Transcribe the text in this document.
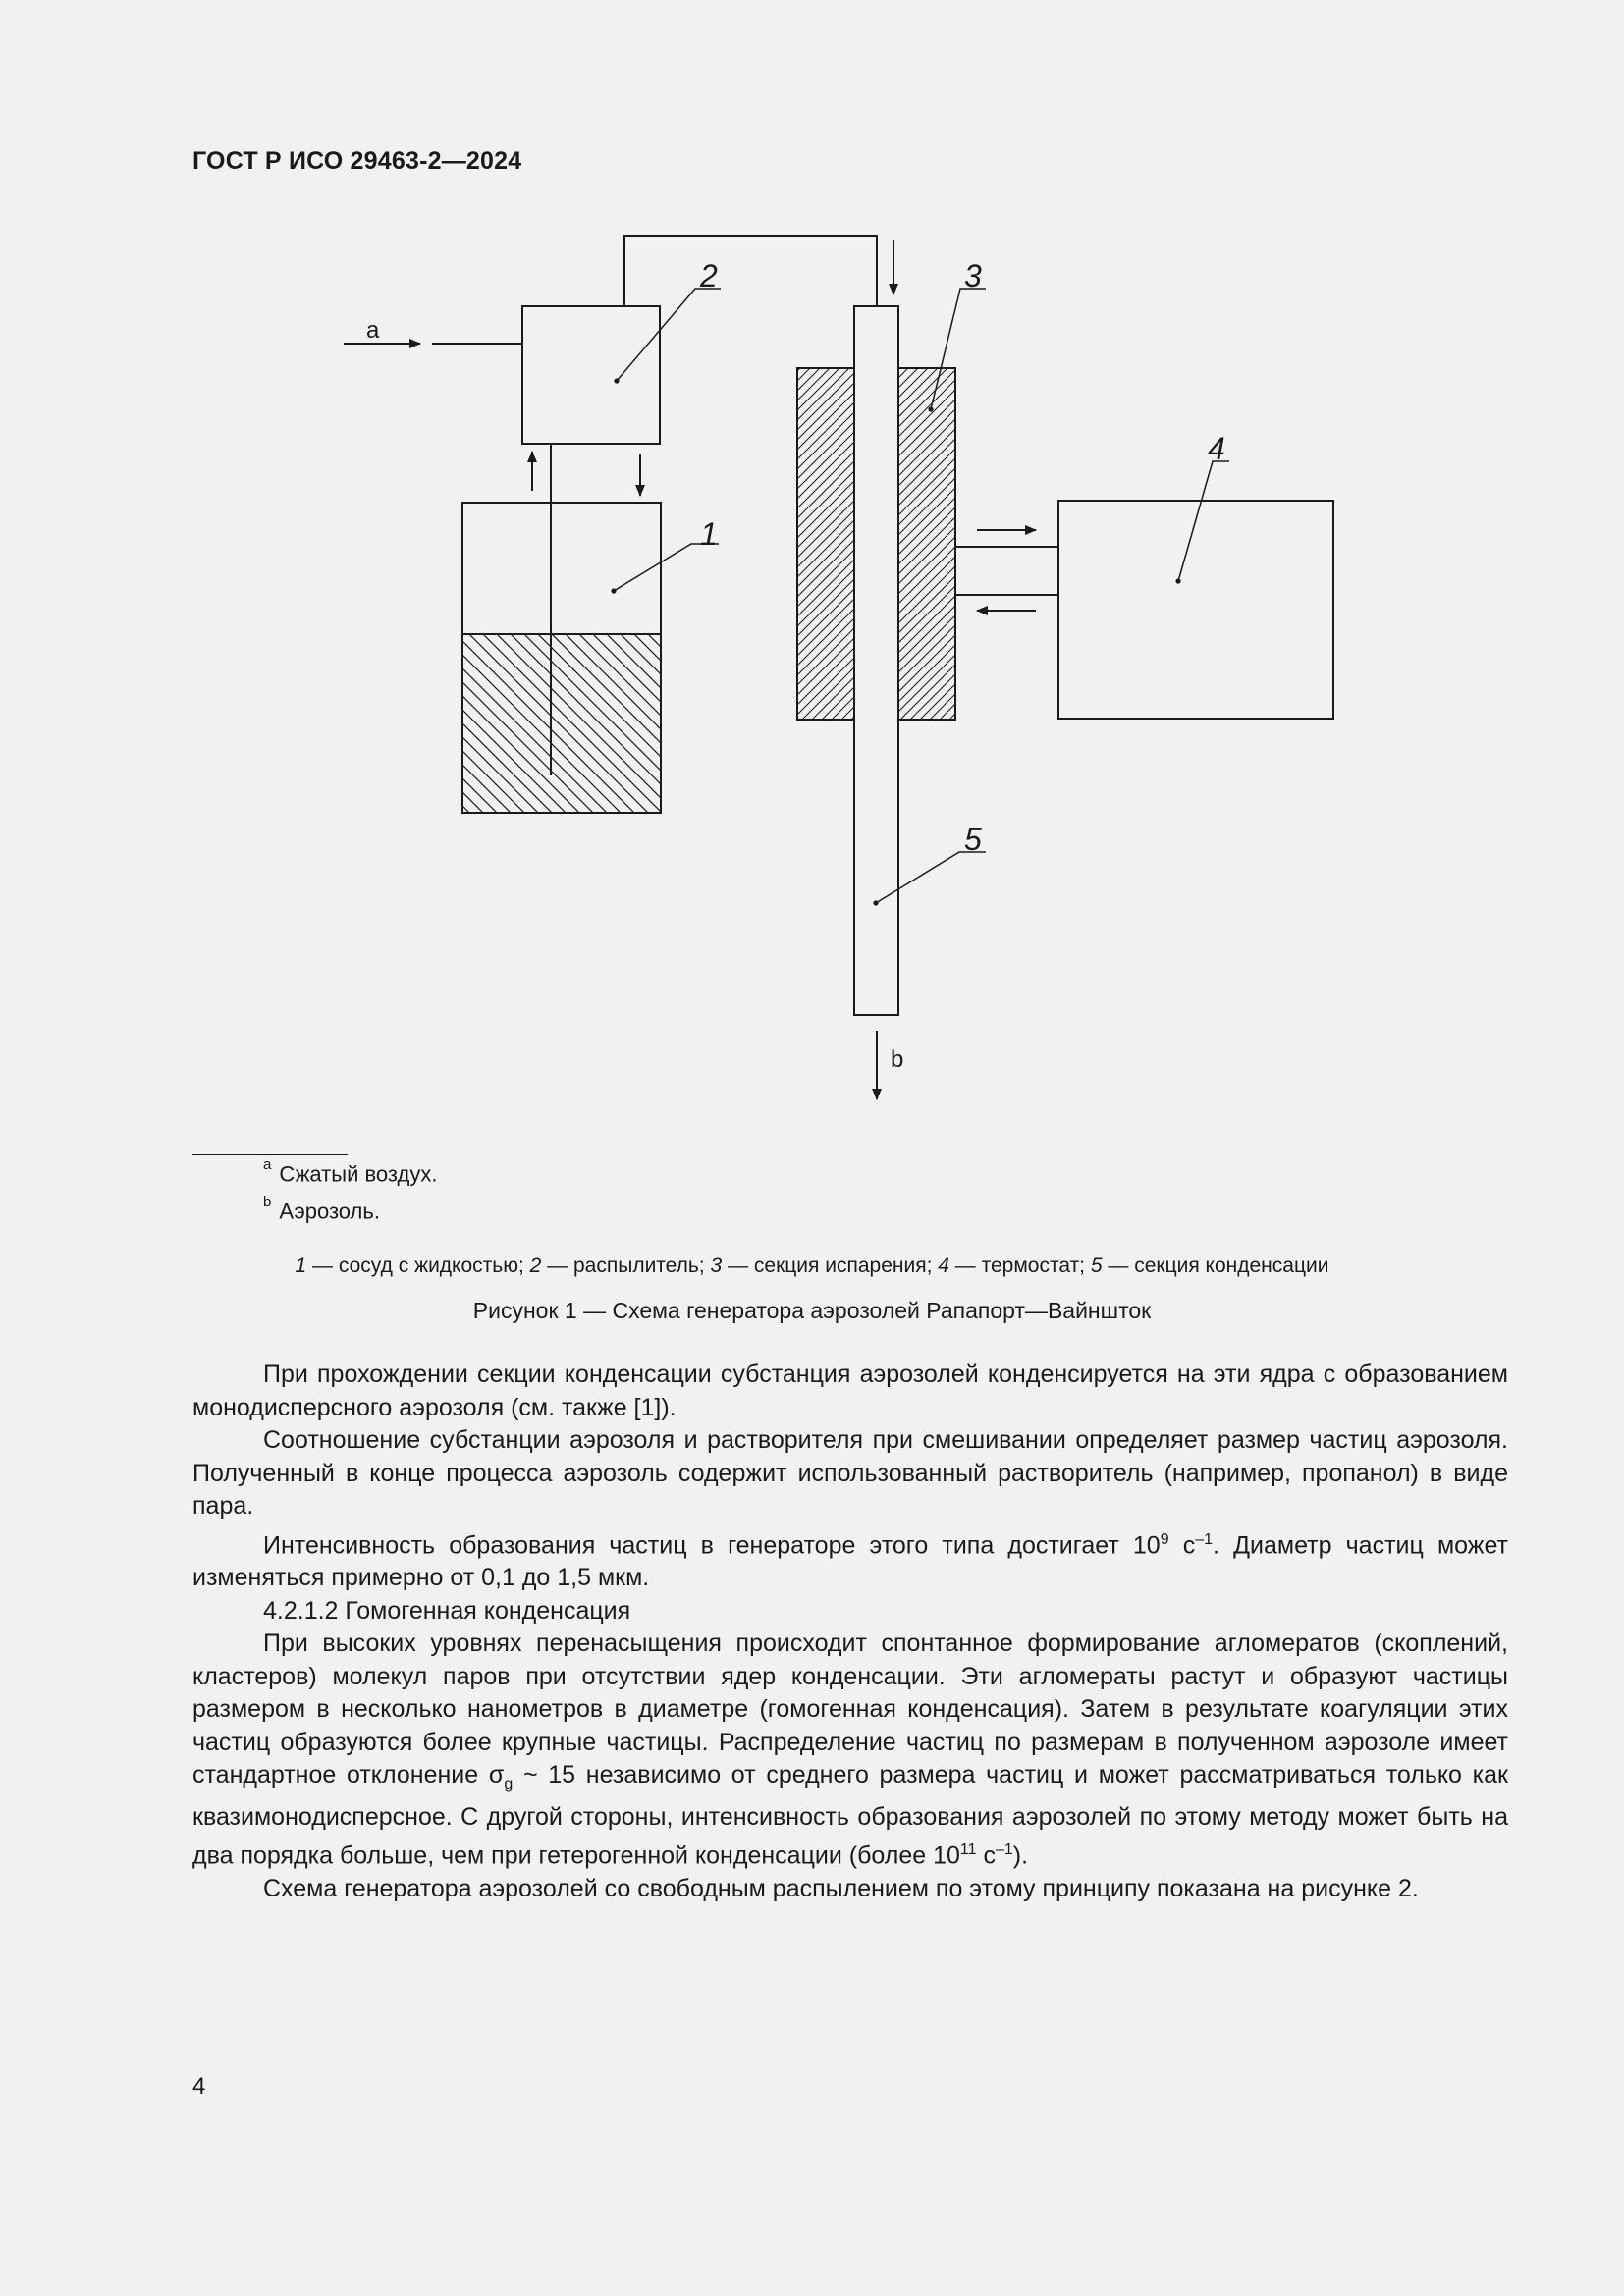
ГОСТ Р ИСО 29463-2—2024
a
b
1
2	3
4
5
$^a$ Сжатый воздух.
$^b$ Аэрозоль.
1 — сосуд с жидкостью; 2 — распылитель; 3 — секция испарения; 4 — термостат; 5 — секция конденсации
Рисунок 1 — Схема генератора аэрозолей Рапапорт—Вайншток

При прохождении секции конденсации субстанция аэрозолей конденсируется на эти ядра с образованием монодисперсного аэрозоля (см. также [1]).

Соотношение субстанции аэрозоля и растворителя при смешивании определяет размер частиц аэрозоля. Полученный в конце процесса аэрозоль содержит использованный растворитель (например, пропанол) в виде пара.

Интенсивность образования частиц в генераторе этого типа достигает $10^9$ $с^{-1}$. Диаметр частиц может изменяться примерно от 0,1 до 1,5 мкм.

4.2.1.2 Гомогенная конденсация

При высоких уровнях перенасыщения происходит спонтанное формирование агломератов (скоплений, кластеров) молекул паров при отсутствии ядер конденсации. Эти агломераты растут и образуют частицы размером в несколько нанометров в диаметре (гомогенная конденсация). Затем в результате коагуляции этих частиц образуются более крупные частицы. Распределение частиц по размерам в полученном аэрозоле имеет стандартное отклонение $\sigma_g$ ~ 15 независимо от среднего размера частиц и может рассматриваться только как квазимонодисперсное. С другой стороны, интенсивность образования аэрозолей по этому методу может быть на два порядка больше, чем при гетерогенной конденсации (более $10^{11}$ $с^{-1}$).

Схема генератора аэрозолей со свободным распылением по этому принципу показана на рисунке 2.

4
